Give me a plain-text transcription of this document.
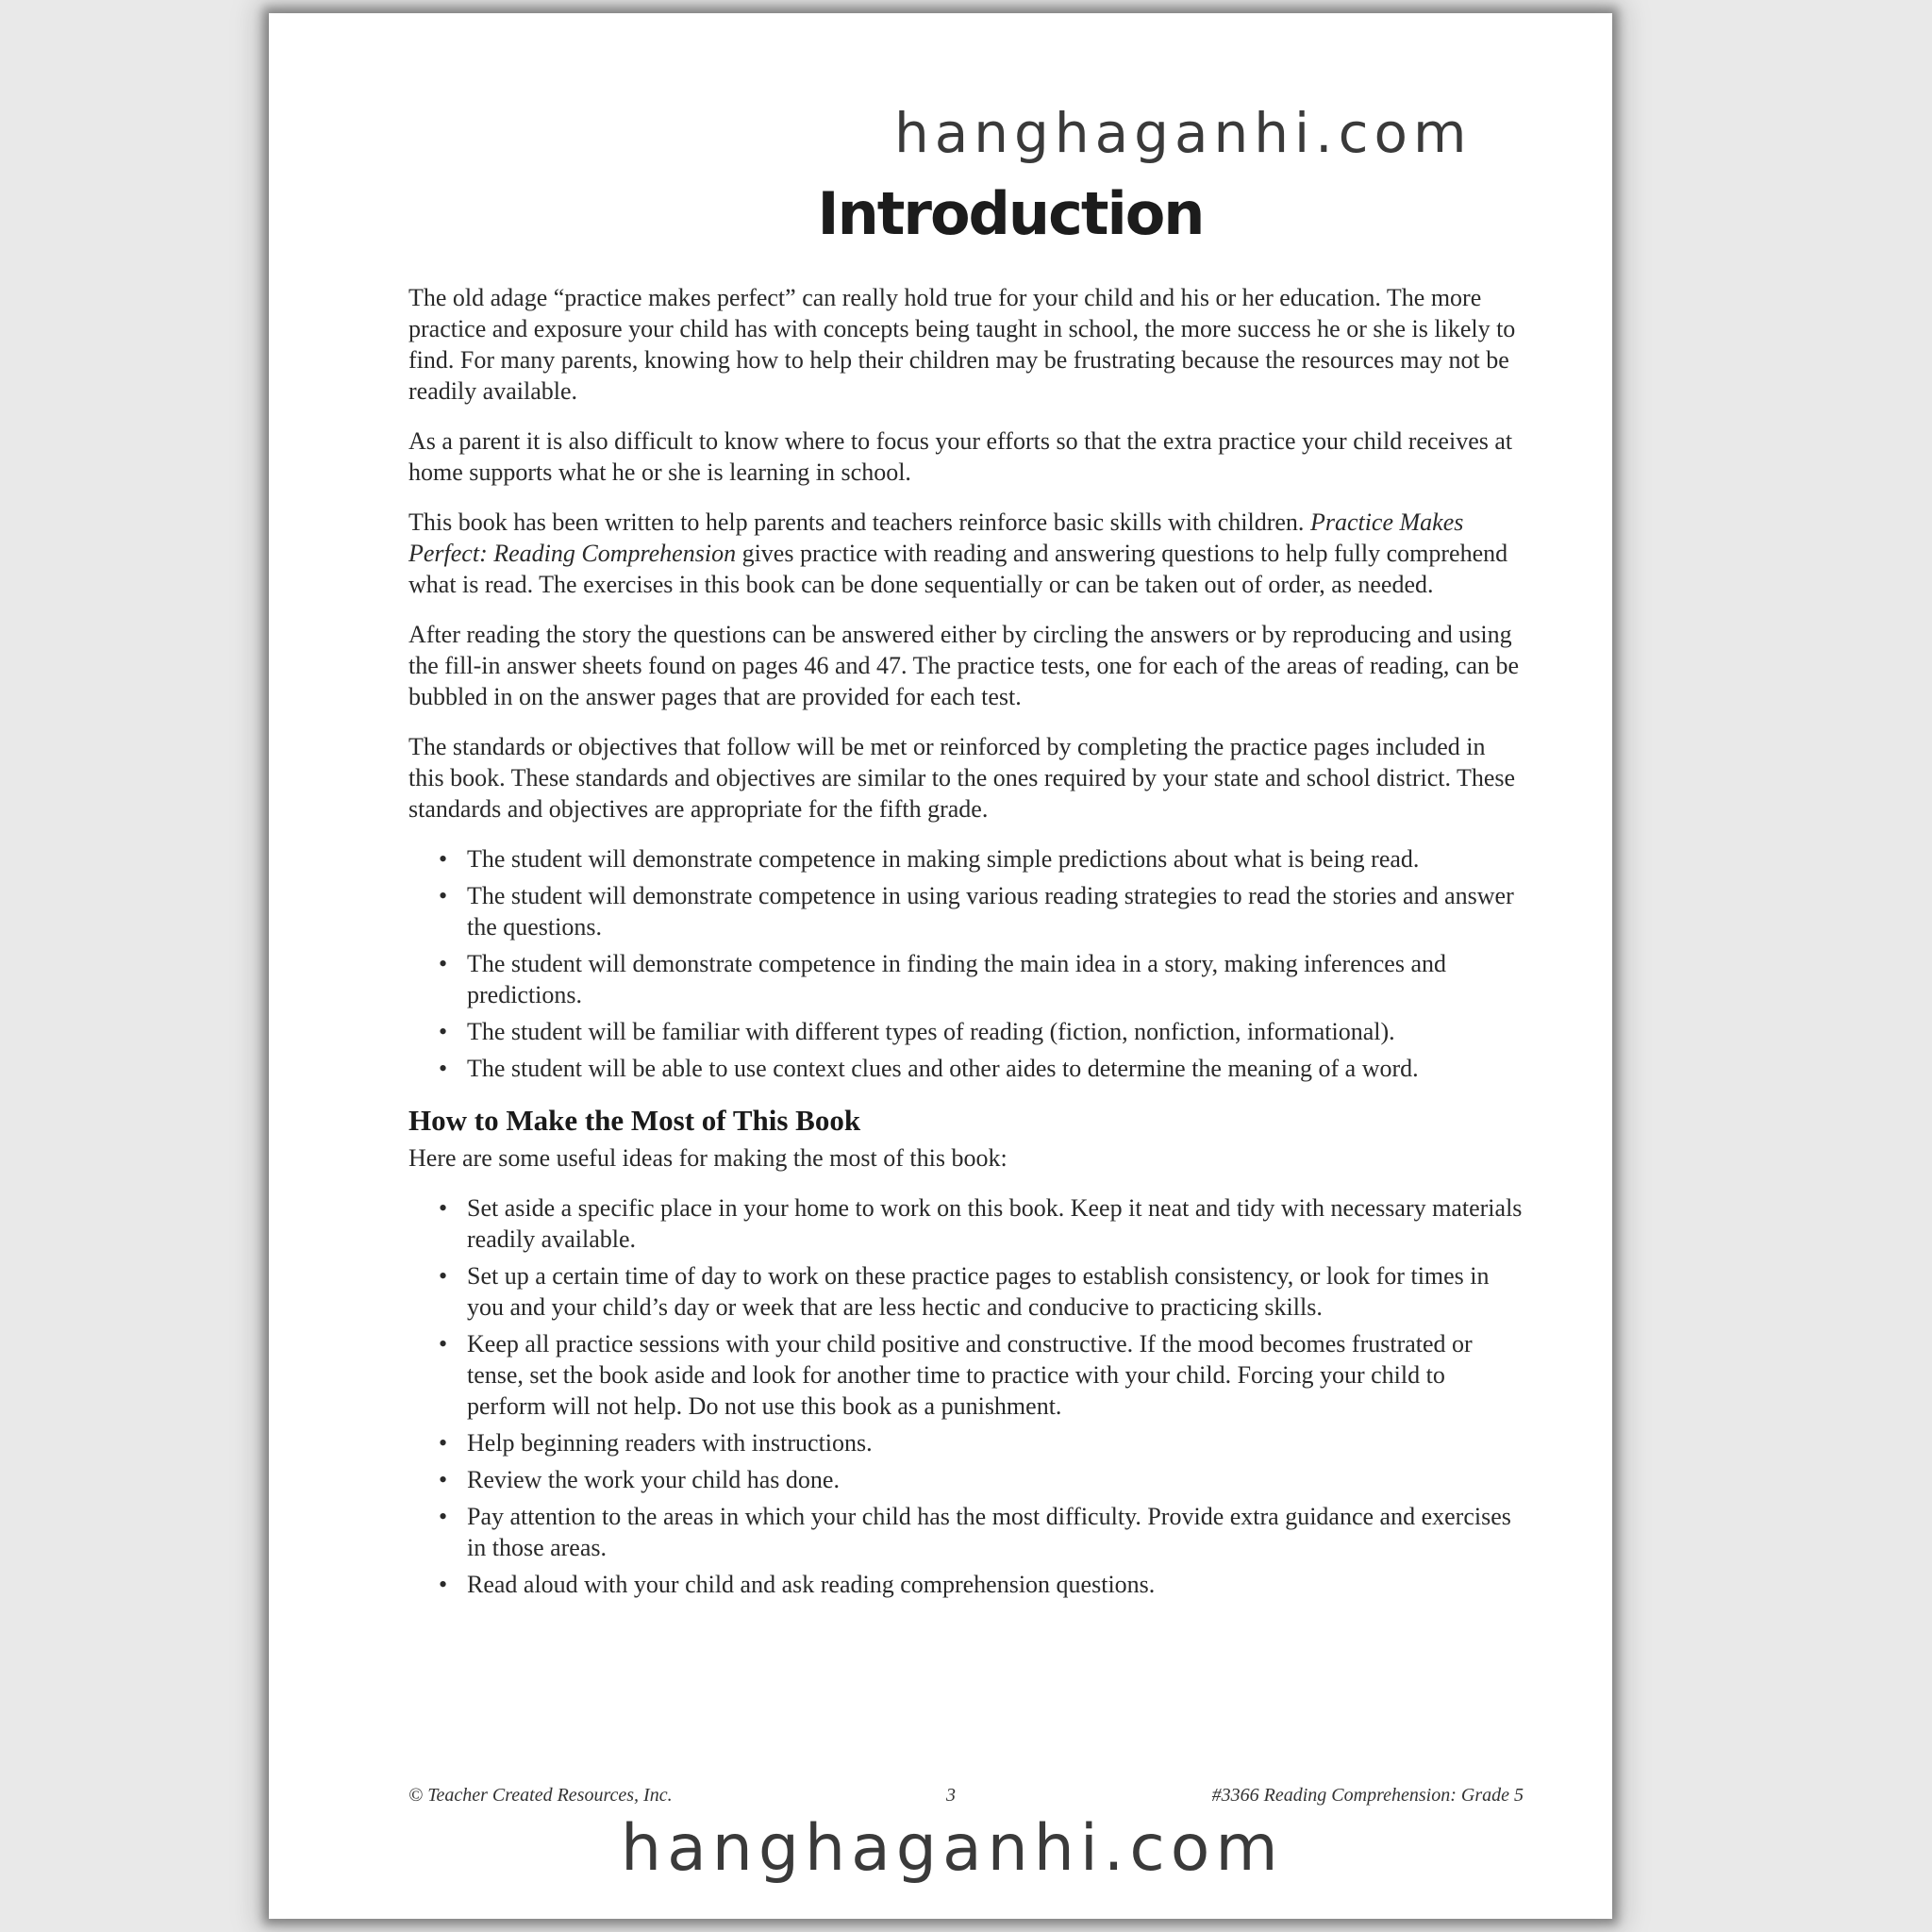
hanghaganhi.com
Introduction

The old adage “practice makes perfect” can really hold true for your child and his or her education. The more practice and exposure your child has with concepts being taught in school, the more success he or she is likely to find. For many parents, knowing how to help their children may be frustrating because the resources may not be readily available.

As a parent it is also difficult to know where to focus your efforts so that the extra practice your child receives at home supports what he or she is learning in school.

This book has been written to help parents and teachers reinforce basic skills with children. Practice Makes Perfect: Reading Comprehension gives practice with reading and answering questions to help fully comprehend what is read. The exercises in this book can be done sequentially or can be taken out of order, as needed.

After reading the story the questions can be answered either by circling the answers or by reproducing and using the fill-in answer sheets found on pages 46 and 47. The practice tests, one for each of the areas of reading, can be bubbled in on the answer pages that are provided for each test.

The standards or objectives that follow will be met or reinforced by completing the practice pages included in this book. These standards and objectives are similar to the ones required by your state and school district. These standards and objectives are appropriate for the fifth grade.

• The student will demonstrate competence in making simple predictions about what is being read.
• The student will demonstrate competence in using various reading strategies to read the stories and answer the questions.
• The student will demonstrate competence in finding the main idea in a story, making inferences and predictions.
• The student will be familiar with different types of reading (fiction, nonfiction, informational).
• The student will be able to use context clues and other aides to determine the meaning of a word.
How to Make the Most of This Book

Here are some useful ideas for making the most of this book:

• Set aside a specific place in your home to work on this book. Keep it neat and tidy with necessary materials readily available.
• Set up a certain time of day to work on these practice pages to establish consistency, or look for times in you and your child’s day or week that are less hectic and conducive to practicing skills.
• Keep all practice sessions with your child positive and constructive. If the mood becomes frustrated or tense, set the book aside and look for another time to practice with your child. Forcing your child to perform will not help. Do not use this book as a punishment.
• Help beginning readers with instructions.
• Review the work your child has done.
• Pay attention to the areas in which your child has the most difficulty. Provide extra guidance and exercises in those areas.
• Read aloud with your child and ask reading comprehension questions.
© Teacher Created Resources, Inc.	3	#3366 Reading Comprehension: Grade 5
hanghaganhi.com
